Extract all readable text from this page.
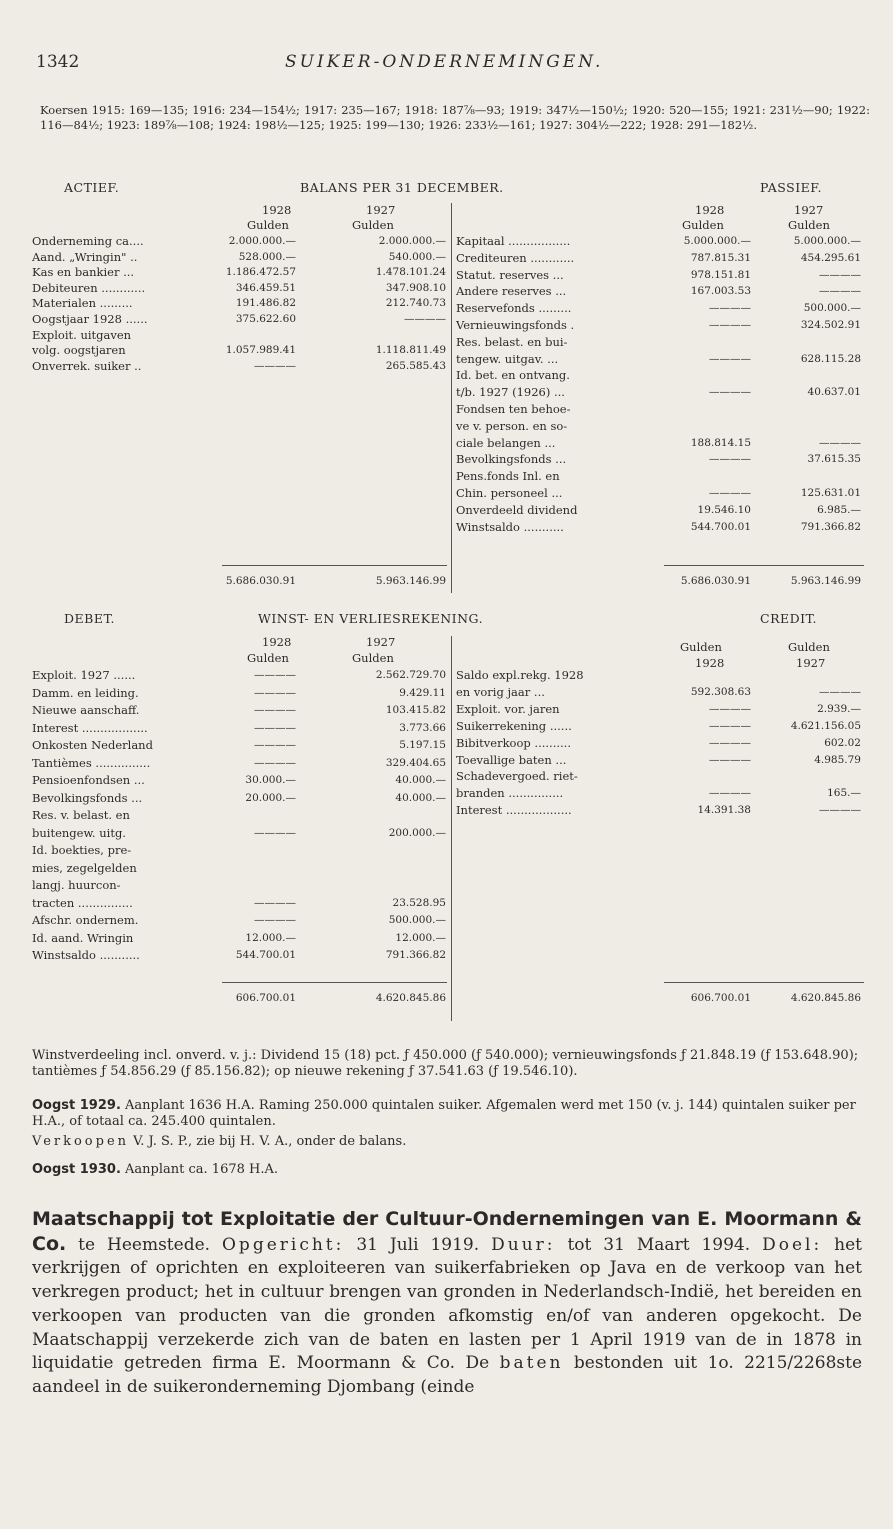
1342	SUIKER-ONDERNEMINGEN.
Koersen 1915: 169—135; 1916: 234—154½; 1917: 235—167; 1918: 187⅞—93; 1919: 347½—150½; 1920: 520—155; 1921: 231½—90; 1922: 116—84½; 1923: 189⅞—108; 1924: 198½—125; 1925: 199—130; 1926: 233½—161; 1927: 304½—222; 1928: 291—182½.
ACTIEF.	BALANS PER 31 DECEMBER.	PASSIEF.
1928	1927
Gulden	Gulden
1928	1927
Gulden	Gulden
Onderneming ca....	2.000.000.—	2.000.000.—
Aand. „Wringin" ..	528.000.—	540.000.—
Kas en bankier ...	1.186.472.57	1.478.101.24
Debiteuren ............	346.459.51	347.908.10
Materialen .........	191.486.82	212.740.73
Oogstjaar 1928 ......	375.622.60	————
Exploit. uitgaven
volg. oogstjaren	1.057.989.41	1.118.811.49
Onverrek. suiker ..	————	265.585.43
Kapitaal .................	5.000.000.—	5.000.000.—
Crediteuren ............	787.815.31	454.295.61
Statut. reserves ...	978.151.81	————
Andere reserves ...	167.003.53	————
Reservefonds .........	————	500.000.—
Vernieuwingsfonds .	————	324.502.91
Res. belast. en bui-
tengew. uitgav. ...	————	628.115.28
Id. bet. en ontvang.
t/b. 1927 (1926) ...	————	40.637.01
Fondsen ten behoe-
ve v. person. en so-
ciale belangen ...	188.814.15	————
Bevolkingsfonds ...	————	37.615.35
Pens.fonds Inl. en
Chin. personeel ...	————	125.631.01
Onverdeeld dividend	19.546.10	6.985.—
Winstsaldo ...........	544.700.01	791.366.82
5.686.030.91	5.963.146.99	5.686.030.91	5.963.146.99
DEBET.	WINST- EN VERLIESREKENING.	CREDIT.
1928	1927
Gulden	Gulden
Gulden	Gulden
1928	1927
Exploit. 1927 ......	————	2.562.729.70
Damm. en leiding.	————	9.429.11
Nieuwe aanschaff.	————	103.415.82
Interest ..................	————	3.773.66
Onkosten Nederland	————	5.197.15
Tantièmes ...............	————	329.404.65
Pensioenfondsen ...	30.000.—	40.000.—
Bevolkingsfonds ...	20.000.—	40.000.—
Res. v. belast. en
buitengew. uitg.	————	200.000.—
Id. boekties, pre-
mies, zegelgelden
langj. huurcon-
tracten ...............	————	23.528.95
Afschr. ondernem.	————	500.000.—
Id. aand. Wringin	12.000.—	12.000.—
Winstsaldo ...........	544.700.01	791.366.82
Saldo expl.rekg. 1928
en vorig jaar ...	592.308.63	————
Exploit. vor. jaren	————	2.939.—
Suikerrekening ......	————	4.621.156.05
Bibitverkoop ..........	————	602.02
Toevallige baten ...	————	4.985.79
Schadevergoed. riet-
branden ...............	————	165.—
Interest ..................	14.391.38	————
606.700.01	4.620.845.86	606.700.01	4.620.845.86
Winstverdeeling incl. onverd. v. j.: Dividend 15 (18) pct. ƒ 450.000 (ƒ 540.000); vernieuwingsfonds ƒ 21.848.19 (ƒ 153.648.90); tantièmes ƒ 54.856.29 (ƒ 85.156.82); op nieuwe rekening ƒ 37.541.63 (ƒ 19.546.10).
Oogst 1929. Aanplant 1636 H.A. Raming 250.000 quintalen suiker. Afgemalen werd met 150 (v. j. 144) quintalen suiker per H.A., of totaal ca. 245.400 quintalen.
Verkoopen V. J. S. P., zie bij H. V. A., onder de balans.
Oogst 1930. Aanplant ca. 1678 H.A.
Maatschappij tot Exploitatie der Cultuur-Ondernemingen van E. Moormann & Co. te Heemstede. Opgericht: 31 Juli 1919. Duur: tot 31 Maart 1994. Doel: het verkrijgen of oprichten en exploiteeren van suikerfabrieken op Java en de verkoop van het verkregen product; het in cultuur brengen van gronden in Nederlandsch-Indië, het bereiden en verkoopen van producten van die gronden afkomstig en/of van anderen opgekocht. De Maatschappij verzekerde zich van de baten en lasten per 1 April 1919 van de in 1878 in liquidatie getreden firma E. Moormann & Co. De baten bestonden uit 1o. 2215/2268ste aandeel in de suikeronderneming Djombang (einde
